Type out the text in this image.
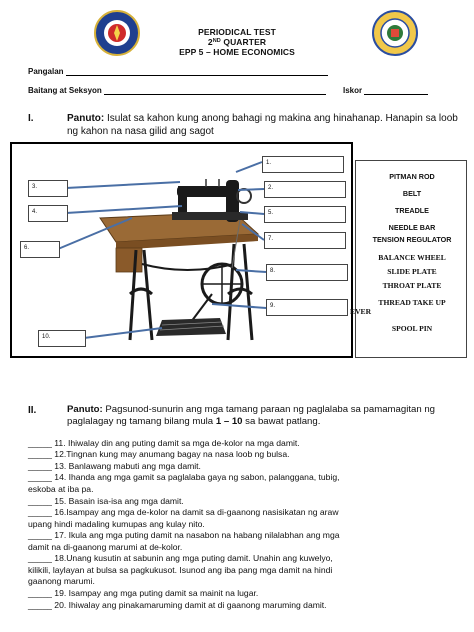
PERIODICAL TEST
2ND QUARTER
EPP 5 – HOME ECONOMICS
Pangalan
Baitang at Seksyon	Iskor
I.	Panuto: Isulat sa kahon kung anong bahagi ng makina ang hinahanap. Hanapin sa loob ng kahon na nasa gilid ang sagot
1.
2.
3.
4.	5.
6.
7.
8.
9.
10.
PITMAN ROD
BELT
TREADLE
NEEDLE BAR
TENSION REGULATOR
BALANCE WHEEL
SLIDE PLATE
THROAT PLATE
THREAD TAKE UP
EVER
SPOOL PIN
II.	Panuto: Pagsunod-sunurin ang mga tamang paraan ng paglalaba sa pamamagitan ng paglalagay ng tamang bilang mula 1 – 10 sa bawat patlang.
_____ 11. Ihiwalay din ang puting damit sa mga de-kolor na mga damit.
_____ 12.Tingnan kung may anumang bagay na nasa loob ng bulsa.
_____ 13. Banlawang mabuti ang mga damit.
_____ 14. Ihanda ang mga gamit sa paglalaba gaya ng sabon, palanggana, tubig,
eskoba at iba pa.
_____ 15. Basain isa-isa ang mga damit.
_____ 16.Isampay ang mga de-kolor na damit sa di-gaanong nasisikatan ng araw
upang hindi madaling kumupas ang kulay nito.
_____ 17. Ikula ang mga puting damit na nasabon na habang nilalabhan ang mga
damit na di-gaanong marumi at de-kolor.
_____ 18.Unang kusutin at sabunin ang mga puting damit. Unahin ang kuwelyo,
kilikili, laylayan at bulsa sa pagkukusot. Isunod ang iba pang mga damit na hindi
gaanong marumi.
_____ 19. Isampay ang mga puting damit sa mainit na lugar.
_____ 20. Ihiwalay ang pinakamaruming damit at di gaanong maruming damit.
